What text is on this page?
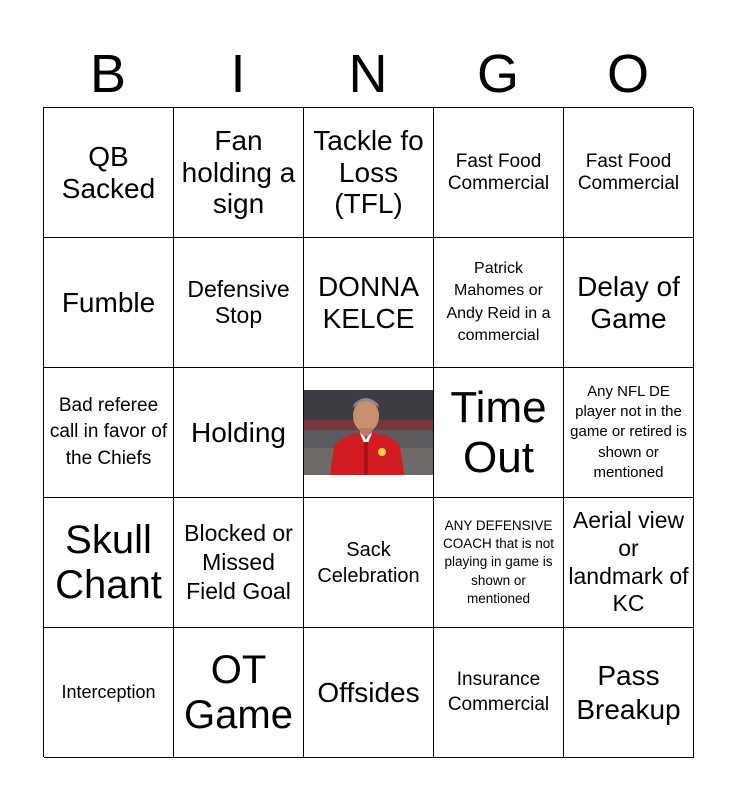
B	I	N	G	O
QB Sacked
Fan holding a sign
Tackle fo Loss (TFL)
Fast Food Commercial
Fast Food Commercial
Fumble	Defensive Stop
DONNA KELCE
Patrick Mahomes or Andy Reid in a commercial
Delay of Game
Bad referee call in favor of the Chiefs
Holding
Time Out
Any NFL DE player not in the game or retired is shown or mentioned
Skull Chant
Blocked or Missed Field Goal
Sack Celebration
ANY DEFENSIVE COACH that is not playing in game is shown or mentioned
Aerial view or landmark of KC
Interception
OT Game
Offsides	Insurance Commercial
Pass Breakup
